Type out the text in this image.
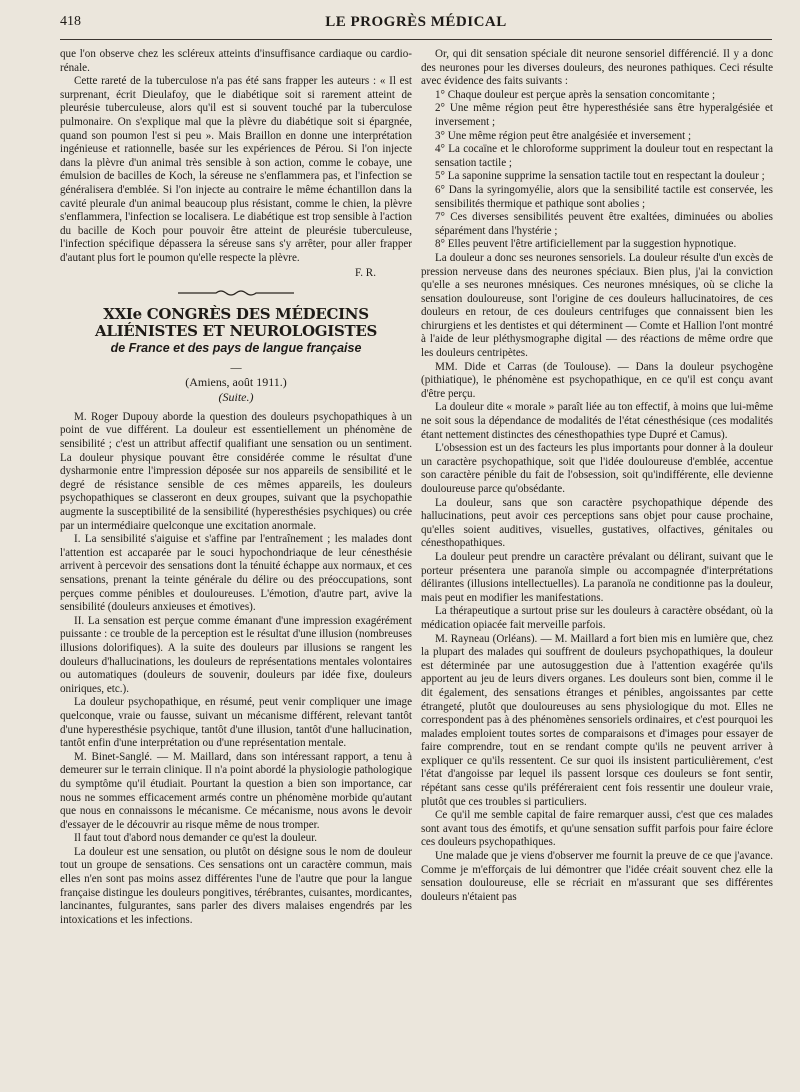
418	LE PROGRÈS MÉDICAL

que l'on observe chez les scléreux atteints d'insuffisance cardiaque ou cardio-rénale.

Cette rareté de la tuberculose n'a pas été sans frapper les auteurs : « Il est surprenant, écrit Dieulafoy, que le diabétique soit si rarement atteint de pleurésie tuberculeuse, alors qu'il est si souvent touché par la tuberculose pulmonaire. On s'explique mal que la plèvre du diabétique soit si épargnée, quand son poumon l'est si peu ». Mais Braillon en donne une interprétation ingénieuse et rationnelle, basée sur les expériences de Pérou. Si l'on injecte dans la plèvre d'un animal très sensible à son action, comme le cobaye, une émulsion de bacilles de Koch, la séreuse ne s'enflammera pas, et l'infection se généralisera d'emblée. Si l'on injecte au contraire le même échantillon dans la cavité pleurale d'un animal beaucoup plus résistant, comme le chien, la plèvre s'enflammera, l'infection se localisera. Le diabétique est trop sensible à l'action du bacille de Koch pour pouvoir être atteint de pleurésie tuberculeuse, l'infection spécifique dépassera la séreuse sans s'y arrêter, pour aller frapper d'autant plus fort le poumon qu'elle respecte la plèvre.

F. R.
XXIe CONGRÈS DES MÉDECINS ALIÉNISTES ET NEUROLOGISTES
de France et des pays de langue française
—
(Amiens, août 1911.)
(Suite.)

M. Roger Dupouy aborde la question des douleurs psychopathiques à un point de vue différent. La douleur est essentiellement un phénomène de sensibilité ; c'est un attribut affectif qualifiant une sensation ou un sentiment. La douleur physique pouvant être considérée comme le résultat d'une dysharmonie entre l'impression déposée sur nos appareils de sensibilité et le degré de résistance sensible de ces mêmes appareils, les douleurs psychopathiques se classeront en deux groupes, suivant que la psychopathie augmente la susceptibilité de la sensibilité (hyperesthésies psychiques) ou crée par un intermédiaire quelconque une excitation anormale.

I. La sensibilité s'aiguise et s'affine par l'entraînement ; les malades dont l'attention est accaparée par le souci hypochondriaque de leur cénesthésie arrivent à percevoir des sensations dont la ténuité échappe aux normaux, et ces sensations, prenant la teinte générale du délire ou des préoccupations, sont perçues comme pénibles et douloureuses. L'émotion, d'autre part, avive la sensibilité (douleurs anxieuses et émotives).

II. La sensation est perçue comme émanant d'une impression exagérément puissante : ce trouble de la perception est le résultat d'une illusion (nombreuses illusions dolorifiques). A la suite des douleurs par illusions se rangent les douleurs d'hallucinations, les douleurs de représentations mentales volontaires ou automatiques (douleurs de souvenir, douleurs par idée fixe, douleurs oniriques, etc.).

La douleur psychopathique, en résumé, peut venir compliquer une image quelconque, vraie ou fausse, suivant un mécanisme différent, relevant tantôt d'une hyperesthésie psychique, tantôt d'une illusion, tantôt d'une hallucination, tantôt enfin d'une interprétation ou d'une représentation mentale.

M. Binet-Sanglé. — M. Maillard, dans son intéressant rapport, a tenu à demeurer sur le terrain clinique. Il n'a point abordé la physiologie pathologique du symptôme qu'il étudiait. Pourtant la question a bien son importance, car nous ne sommes efficacement armés contre un phénomène morbide qu'autant que nous en connaissons le mécanisme. Ce mécanisme, nous avons le devoir d'essayer de le découvrir au risque même de nous tromper.

Il faut tout d'abord nous demander ce qu'est la douleur.

La douleur est une sensation, ou plutôt on désigne sous le nom de douleur tout un groupe de sensations. Ces sensations ont un caractère commun, mais elles n'en sont pas moins assez différentes l'une de l'autre que pour la langue française distingue les douleurs pongitives, térébrantes, cuisantes, mordicantes, lancinantes, fulgurantes, sans parler des divers malaises engendrés par les intoxications et les infections.

Or, qui dit sensation spéciale dit neurone sensoriel différencié. Il y a donc des neurones pour les diverses douleurs, des neurones pathiques. Ceci résulte avec évidence des faits suivants :

1° Chaque douleur est perçue après la sensation concomitante ;

2° Une même région peut être hyperesthésiée sans être hyperalgésiée et inversement ;

3° Une même région peut être analgésiée et inversement ;

4° La cocaïne et le chloroforme suppriment la douleur tout en respectant la sensation tactile ;

5° La saponine supprime la sensation tactile tout en respectant la douleur ;

6° Dans la syringomyélie, alors que la sensibilité tactile est conservée, les sensibilités thermique et pathique sont abolies ;

7° Ces diverses sensibilités peuvent être exaltées, diminuées ou abolies séparément dans l'hystérie ;

8° Elles peuvent l'être artificiellement par la suggestion hypnotique.

La douleur a donc ses neurones sensoriels. La douleur résulte d'un excès de pression nerveuse dans des neurones spéciaux. Bien plus, j'ai la conviction qu'elle a ses neurones mnésiques. Ces neurones mnésiques, où se cliche la sensation douloureuse, sont l'origine de ces douleurs hallucinatoires, de ces douleurs en retour, de ces douleurs centrifuges que connaissent bien les chirurgiens et les dentistes et qui déterminent — Comte et Hallion l'ont montré à l'aide de leur pléthysmographe digital — des réactions de même ordre que les douleurs centripètes.

MM. Dide et Carras (de Toulouse). — Dans la douleur psychogène (pithiatique), le phénomène est psychopathique, en ce qu'il est conçu avant d'être perçu.

La douleur dite « morale » paraît liée au ton effectif, à moins que lui-même ne soit sous la dépendance de modalités de l'état cénesthésique (ces modalités étant nettement distinctes des cénesthopathies type Dupré et Camus).

L'obsession est un des facteurs les plus importants pour donner à la douleur un caractère psychopathique, soit que l'idée douloureuse d'emblée, accentue son caractère pénible du fait de l'obsession, soit qu'indifférente, elle devienne douloureuse parce qu'obsédante.

La douleur, sans que son caractère psychopathique dépende des hallucinations, peut avoir ces perceptions sans objet pour cause prochaine, qu'elles soient auditives, visuelles, gustatives, olfactives, génitales ou cénesthopathiques.

La douleur peut prendre un caractère prévalant ou délirant, suivant que le porteur présentera une paranoïa simple ou accompagnée d'interprétations délirantes (illusions intellectuelles). La paranoïa ne conditionne pas la douleur, mais peut en modifier les manifestations.

La thérapeutique a surtout prise sur les douleurs à caractère obsédant, où la médication opiacée fait merveille parfois.

M. Rayneau (Orléans). — M. Maillard a fort bien mis en lumière que, chez la plupart des malades qui souffrent de douleurs psychopathiques, la douleur est déterminée par une autosuggestion due à l'attention exagérée qu'ils apportent au jeu de leurs divers organes. Les douleurs sont bien, comme il le dit également, des sensations étranges et pénibles, angoissantes par cette étrangeté, plutôt que douloureuses au sens physiologique du mot. Elles ne correspondent pas à des phénomènes sensoriels ordinaires, et c'est pourquoi les malades emploient toutes sortes de comparaisons et d'images pour essayer de faire comprendre, tout en se rendant compte qu'ils ne peuvent arriver à expliquer ce qu'ils ressentent. Ce sur quoi ils insistent particulièrement, c'est l'état d'angoisse par lequel ils passent lorsque ces douleurs se font sentir, répétant sans cesse qu'ils préféreraient cent fois ressentir une douleur vraie, plutôt que ces troubles si particuliers.

Ce qu'il me semble capital de faire remarquer aussi, c'est que ces malades sont avant tous des émotifs, et qu'une sensation suffit parfois pour faire éclore ces douleurs psychopathiques.

Une malade que je viens d'observer me fournit la preuve de ce que j'avance. Comme je m'efforçais de lui démontrer que l'idée créait souvent chez elle la sensation douloureuse, elle se récriait en m'assurant que ses différentes douleurs n'étaient pas
